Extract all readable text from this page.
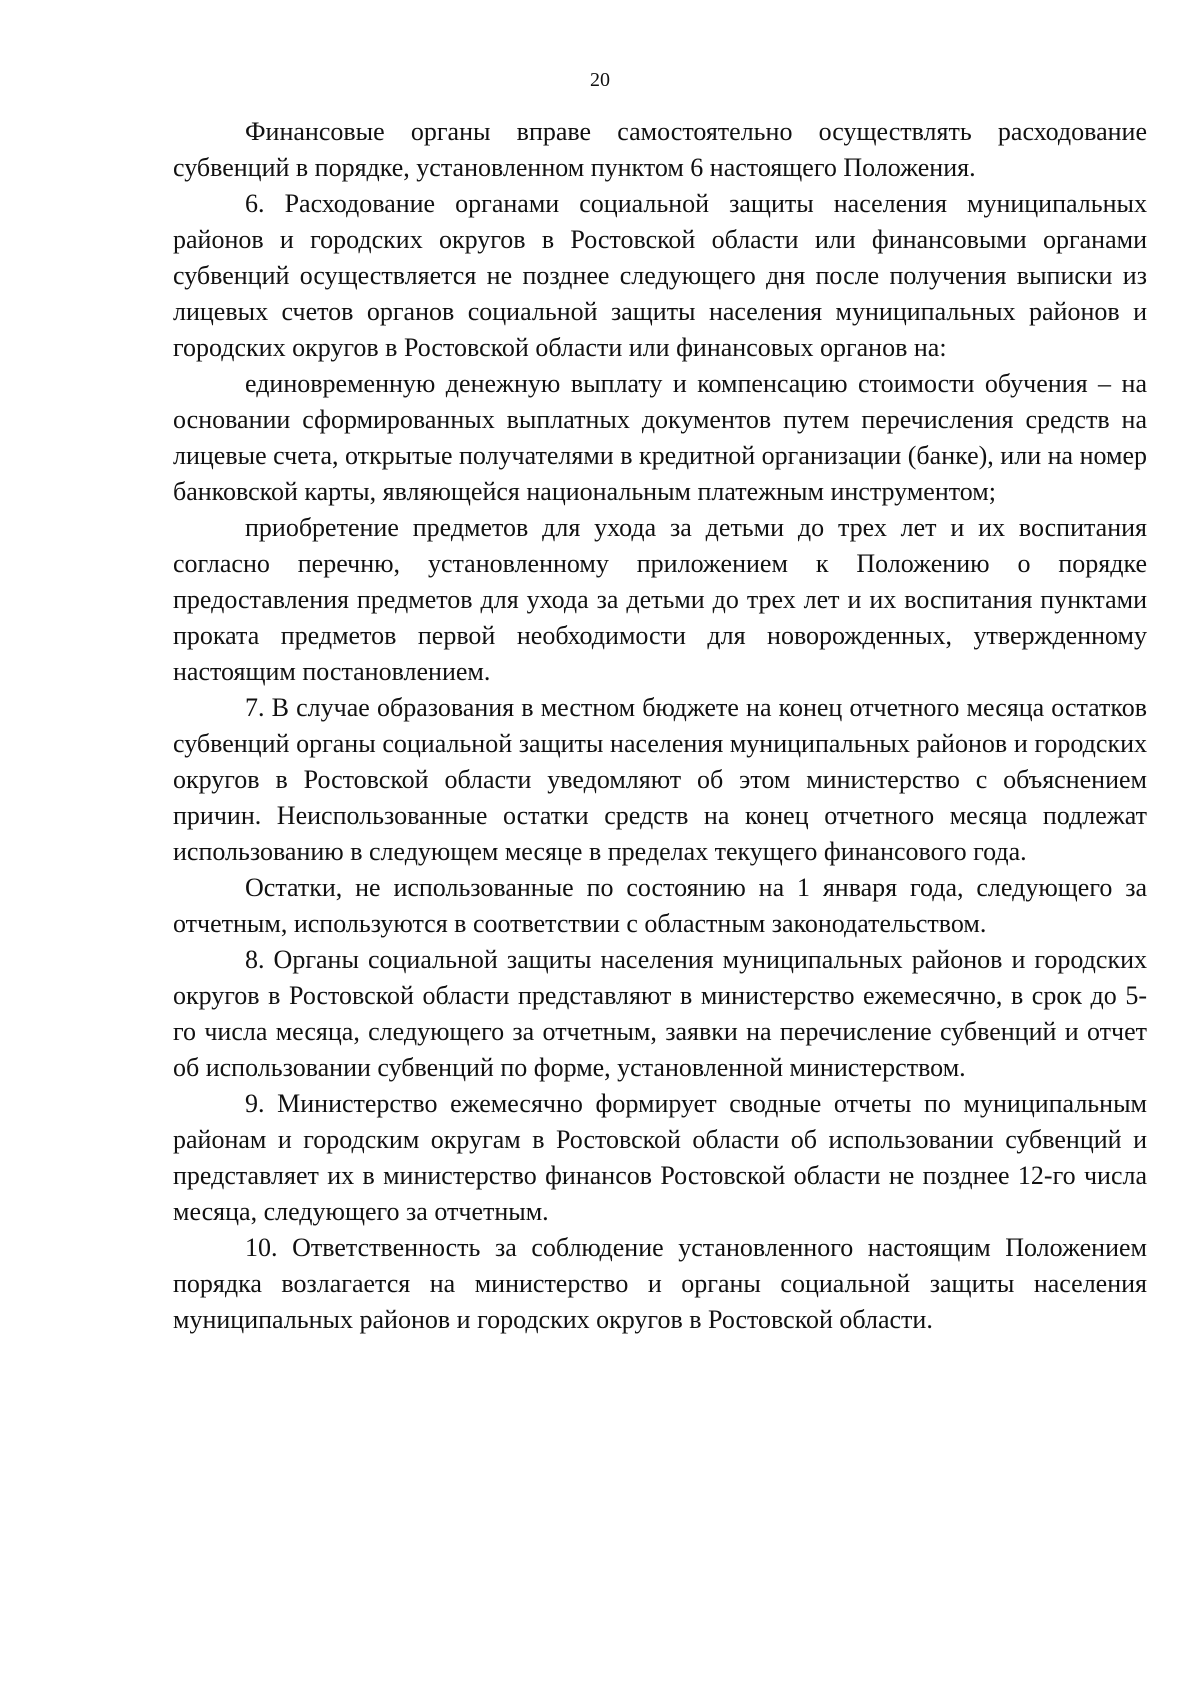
20

Финансовые органы вправе самостоятельно осуществлять расходование субвенций в порядке, установленном пунктом 6 настоящего Положения.

6. Расходование органами социальной защиты населения муниципальных районов и городских округов в Ростовской области или финансовыми органами субвенций осуществляется не позднее следующего дня после получения выписки из лицевых счетов органов социальной защиты населения муниципальных районов и городских округов в Ростовской области или финансовых органов на:

единовременную денежную выплату и компенсацию стоимости обучения – на основании сформированных выплатных документов путем перечисления средств на лицевые счета, открытые получателями в кредитной организации (банке), или на номер банковской карты, являющейся национальным платежным инструментом;

приобретение предметов для ухода за детьми до трех лет и их воспитания согласно перечню, установленному приложением к Положению о порядке предоставления предметов для ухода за детьми до трех лет и их воспитания пунктами проката предметов первой необходимости для новорожденных, утвержденному настоящим постановлением.

7. В случае образования в местном бюджете на конец отчетного месяца остатков субвенций органы социальной защиты населения муниципальных районов и городских округов в Ростовской области уведомляют об этом министерство с объяснением причин. Неиспользованные остатки средств на конец отчетного месяца подлежат использованию в следующем месяце в пределах текущего финансового года.

Остатки, не использованные по состоянию на 1 января года, следующего за отчетным, используются в соответствии с областным законодательством.

8. Органы социальной защиты населения муниципальных районов и городских округов в Ростовской области представляют в министерство ежемесячно, в срок до 5-го числа месяца, следующего за отчетным, заявки на перечисление субвенций и отчет об использовании субвенций по форме, установленной министерством.

9. Министерство ежемесячно формирует сводные отчеты по муниципальным районам и городским округам в Ростовской области об использовании субвенций и представляет их в министерство финансов Ростовской области не позднее 12-го числа месяца, следующего за отчетным.

10. Ответственность за соблюдение установленного настоящим Положением порядка возлагается на министерство и органы социальной защиты населения муниципальных районов и городских округов в Ростовской области.
